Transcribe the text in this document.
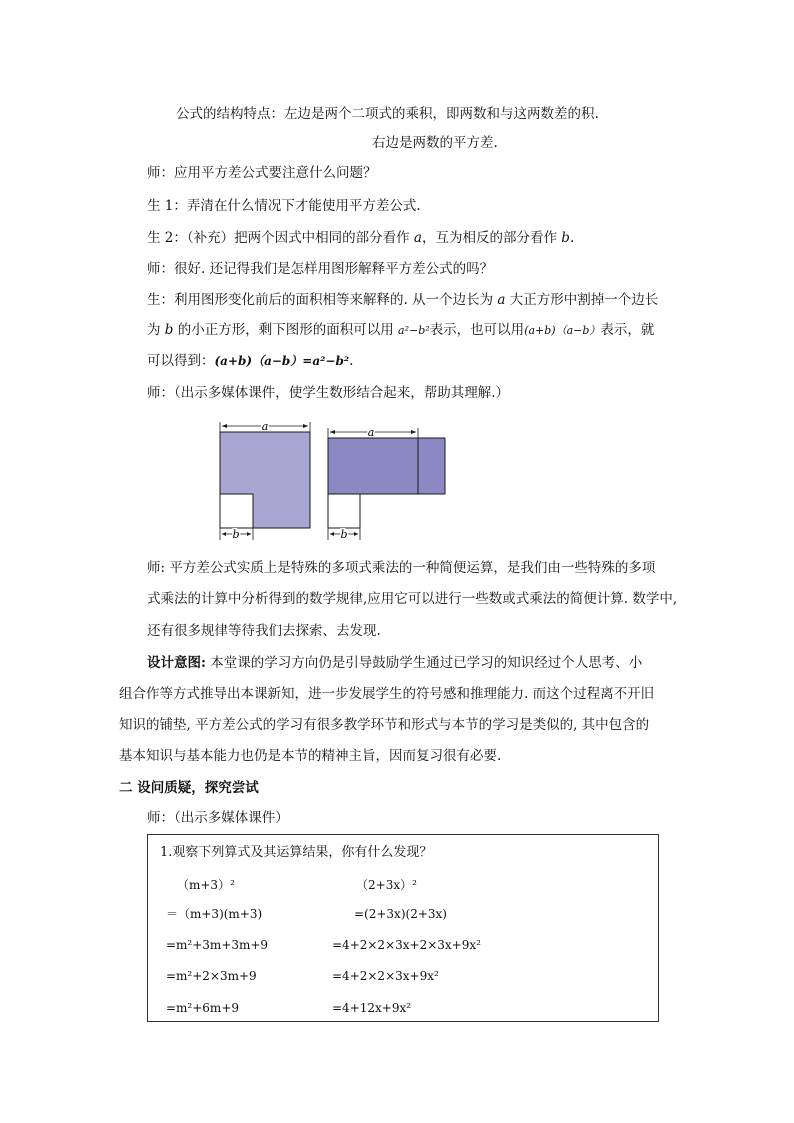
公式的结构特点：左边是两个二项式的乘积，即两数和与这两数差的积.
右边是两数的平方差.
师：应用平方差公式要注意什么问题？
生 1：弄清在什么情况下才能使用平方差公式.
生 2：（补充）把两个因式中相同的部分看作 a，互为相反的部分看作 b.
师：很好. 还记得我们是怎样用图形解释平方差公式的吗？
生：利用图形变化前后的面积相等来解释的. 从一个边长为 a 大正方形中割掉一个边长
为 b 的小正方形，剩下图形的面积可以用 a²−b²表示，也可以用(a+b)（a−b）表示，就
可以得到：(a+b)（a−b）=a²−b².
师：（出示多媒体课件，使学生数形结合起来，帮助其理解.）
a
b
a
b
师: 平方差公式实质上是特殊的多项式乘法的一种简便运算，是我们由一些特殊的多项
式乘法的计算中分析得到的数学规律,应用它可以进行一些数或式乘法的简便计算. 数学中,
还有很多规律等待我们去探索、去发现.
设计意图: 本堂课的学习方向仍是引导鼓励学生通过已学习的知识经过个人思考、小
组合作等方式推导出本课新知，进一步发展学生的符号感和推理能力. 而这个过程离不开旧
知识的铺垫, 平方差公式的学习有很多教学环节和形式与本节的学习是类似的, 其中包含的
基本知识与基本能力也仍是本节的精神主旨，因而复习很有必要.
二 设问质疑，探究尝试
师：（出示多媒体课件）
1.观察下列算式及其运算结果，你有什么发现？
（m+3）²
＝（m+3)(m+3)
=m²+3m+3m+9
=m²+2×3m+9
=m²+6m+9
（2+3x）²
=(2+3x)(2+3x)
=4+2×2×3x+2×3x+9x²
=4+2×2×3x+9x²
=4+12x+9x²
